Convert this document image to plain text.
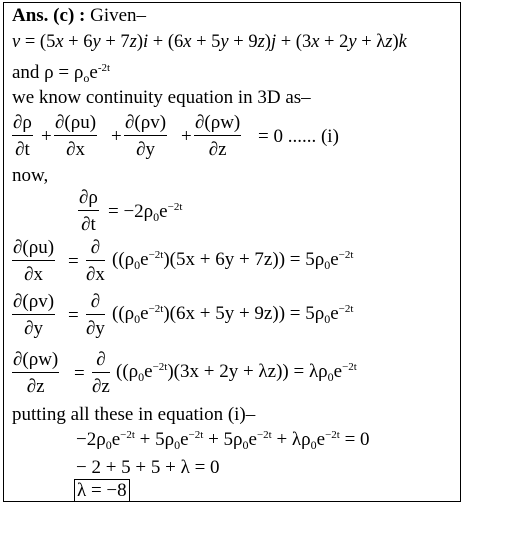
Ans. (c) : Given–
v = (5x + 6y + 7z)i + (6x + 5y + 9z)j + (3x + 2y + λz)k
and $\rho = \rho_oe^{-2t}$
we know continuity equation in 3D as–
$\frac{\partial\rho}{\partial t} + \frac{\partial(\rho u)}{\partial x} + \frac{\partial(\rho v)}{\partial y} + \frac{\partial(\rho w)}{\partial z} = 0$ ...... (i)
now,
$\frac{\partial\rho}{\partial t} = -2\rho_0e^{-2t}$
$\frac{\partial(\rho u)}{\partial x}$ =
∂
∂x
$((\rho_0e^{-2t})(5x + 6y + 7z)) = 5\rho_0e^{-2t}$
$\frac{\partial(\rho v)}{\partial y}$ =
∂
∂y
$((\rho_0e^{-2t})(6x + 5y + 9z)) = 5\rho_0e^{-2t}$
$\frac{\partial(\rho w)}{\partial z}$ =
∂
∂z
$((\rho_0e^{-2t})(3x + 2y + \lambda z)) = \lambda\rho_0e^{-2t}$
putting all these in equation (i)–
$-2\rho_0e^{-2t} + 5\rho_0e^{-2t} + 5\rho_0e^{-2t} + \lambda\rho_0e^{-2t} = 0$
− 2 + 5 + 5 + λ = 0
λ = −8
